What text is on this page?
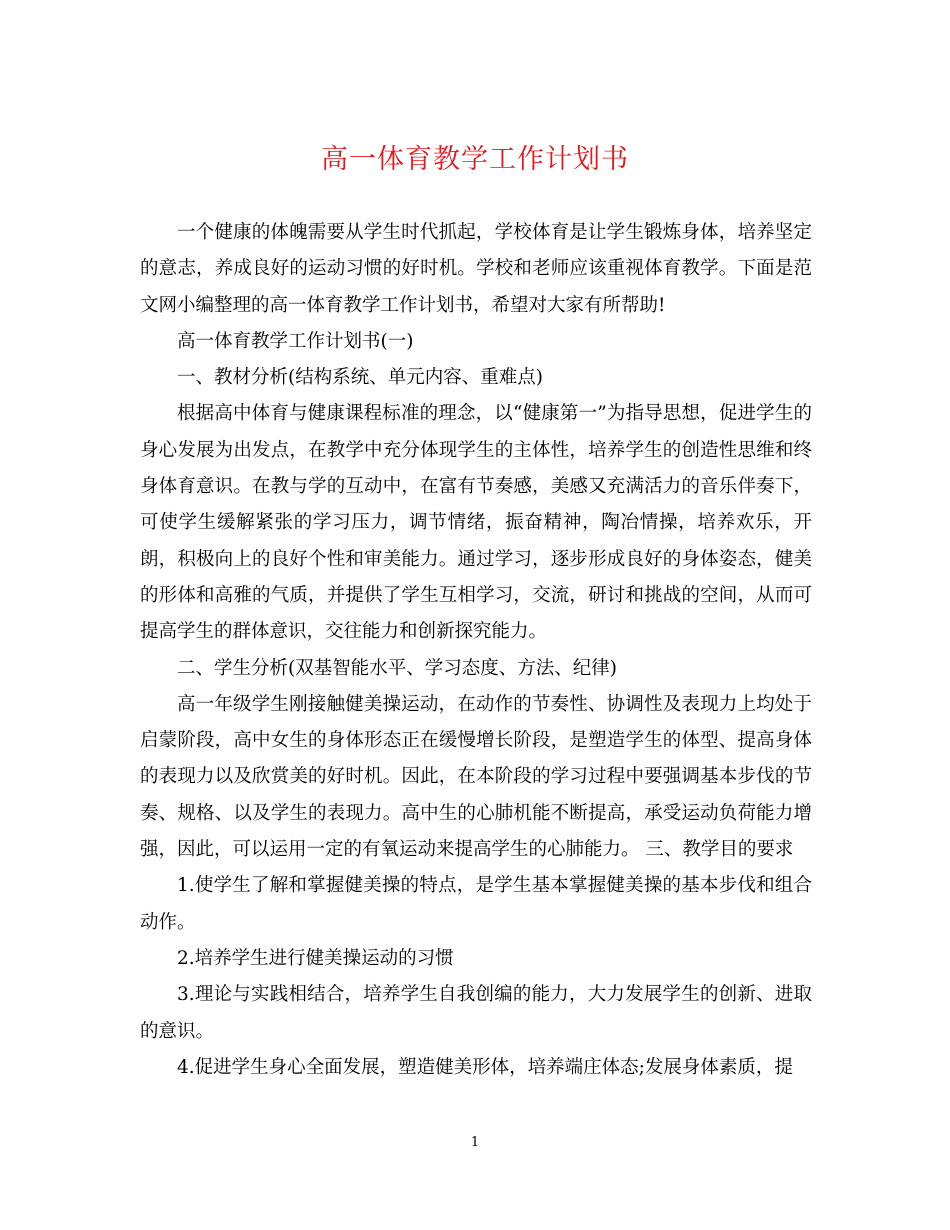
高一体育教学工作计划书

一个健康的体魄需要从学生时代抓起，学校体育是让学生锻炼身体，培养坚定的意志，养成良好的运动习惯的好时机。学校和老师应该重视体育教学。下面是范文网小编整理的高一体育教学工作计划书，希望对大家有所帮助!

高一体育教学工作计划书(一)

一、教材分析(结构系统、单元内容、重难点)

根据高中体育与健康课程标准的理念，以“健康第一”为指导思想，促进学生的身心发展为出发点，在教学中充分体现学生的主体性，培养学生的创造性思维和终身体育意识。在教与学的互动中，在富有节奏感，美感又充满活力的音乐伴奏下，可使学生缓解紧张的学习压力，调节情绪，振奋精神，陶冶情操，培养欢乐，开朗，积极向上的良好个性和审美能力。通过学习，逐步形成良好的身体姿态，健美的形体和高雅的气质，并提供了学生互相学习，交流，研讨和挑战的空间，从而可提高学生的群体意识，交往能力和创新探究能力。

二、学生分析(双基智能水平、学习态度、方法、纪律)

高一年级学生刚接触健美操运动，在动作的节奏性、协调性及表现力上均处于启蒙阶段，高中女生的身体形态正在缓慢增长阶段，是塑造学生的体型、提高身体的表现力以及欣赏美的好时机。因此，在本阶段的学习过程中要强调基本步伐的节奏、规格、以及学生的表现力。高中生的心肺机能不断提高，承受运动负荷能力增强，因此，可以运用一定的有氧运动来提高学生的心肺能力。 三、教学目的要求

1.使学生了解和掌握健美操的特点，是学生基本掌握健美操的基本步伐和组合动作。

2.培养学生进行健美操运动的习惯

3.理论与实践相结合，培养学生自我创编的能力，大力发展学生的创新、进取的意识。

4.促进学生身心全面发展，塑造健美形体，培养端庄体态;发展身体素质，提

1
